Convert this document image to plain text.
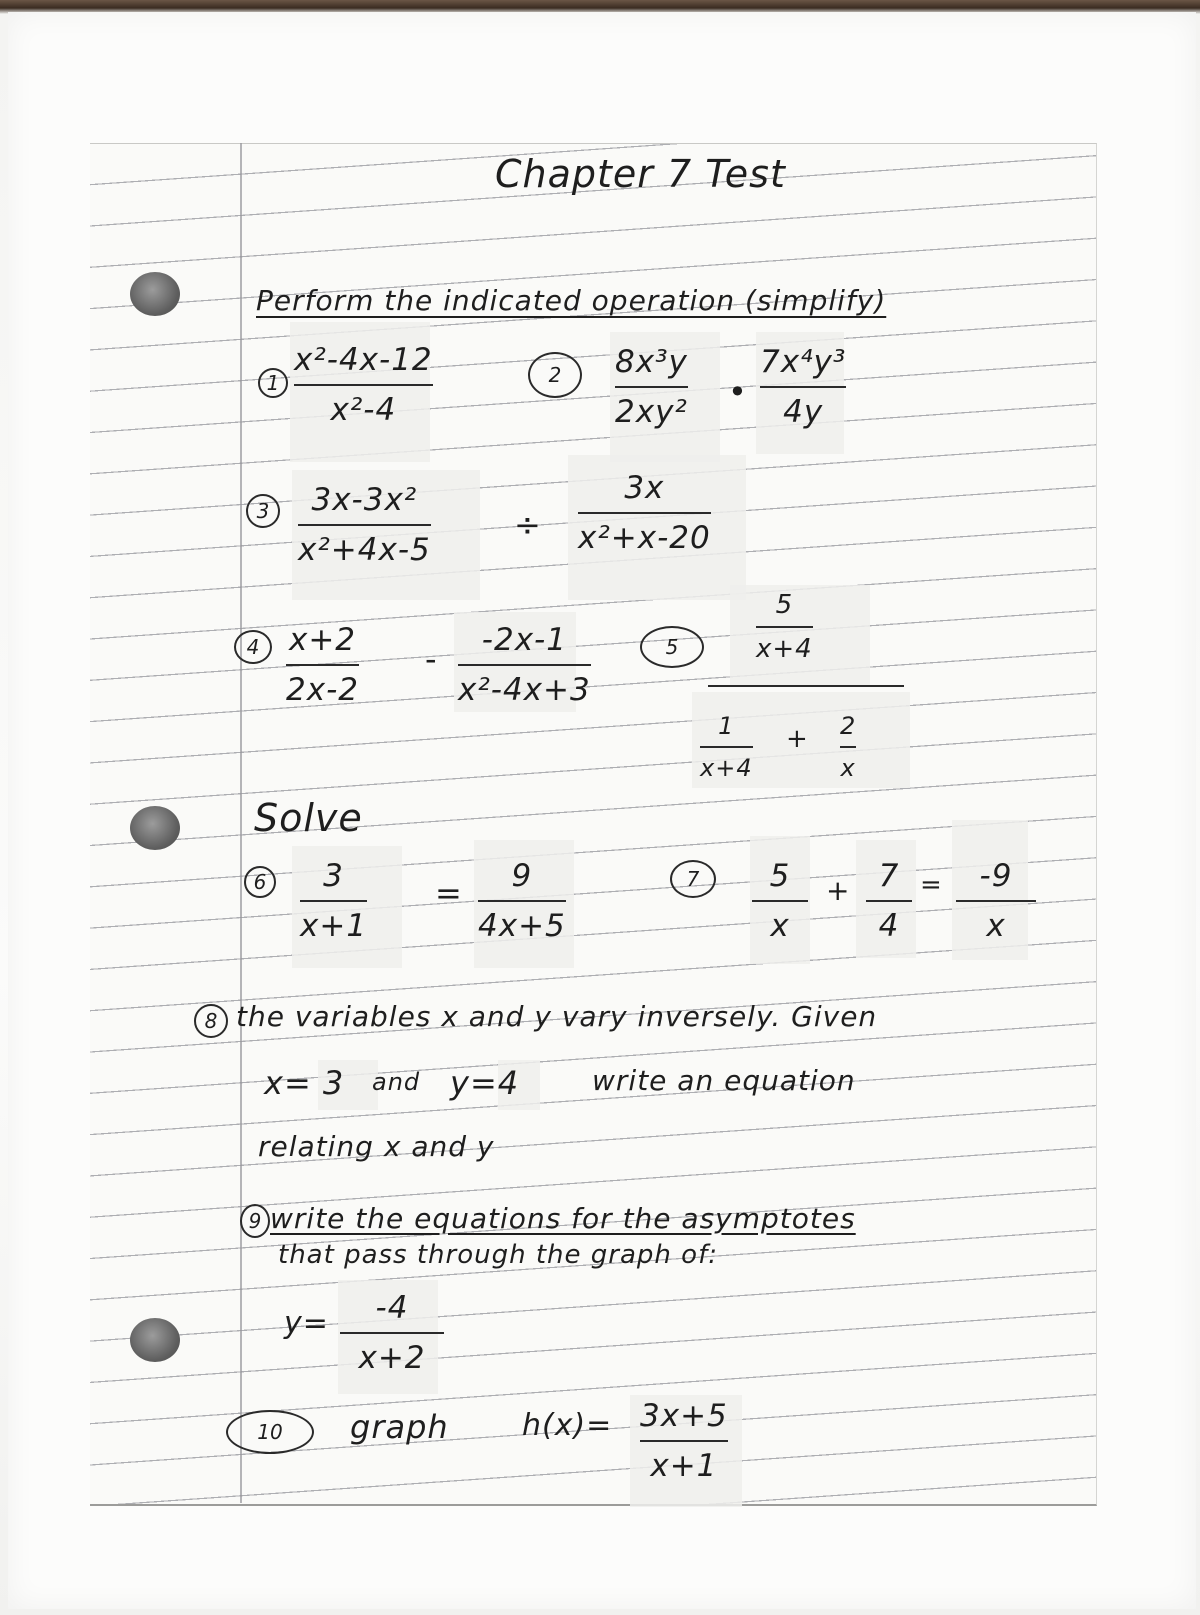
Chapter 7 Test
Perform the indicated operation (simplify)
1
x²-4x-12
x²-4
2	8x³y
2xy²
•
7x⁴y³
4y
3	3x-3x²
x²+4x-5
÷
3x
x²+x-20
4 x+2
2x-2
- -2x-1
x²-4x+3
5
5
x+4
1
x+4
+ 2
x
Solve
6	3
x+1
= 9
4x+5
7	5
x
+ 7
4
= -9
x
8 the variables x and y vary inversely. Given
x= 3 and y=4	write an equation
relating x and y
9 write the equations for the asymptotes
that pass through the graph of:
y= -4
x+2
10	graph h(x)= 3x+5
x+1
